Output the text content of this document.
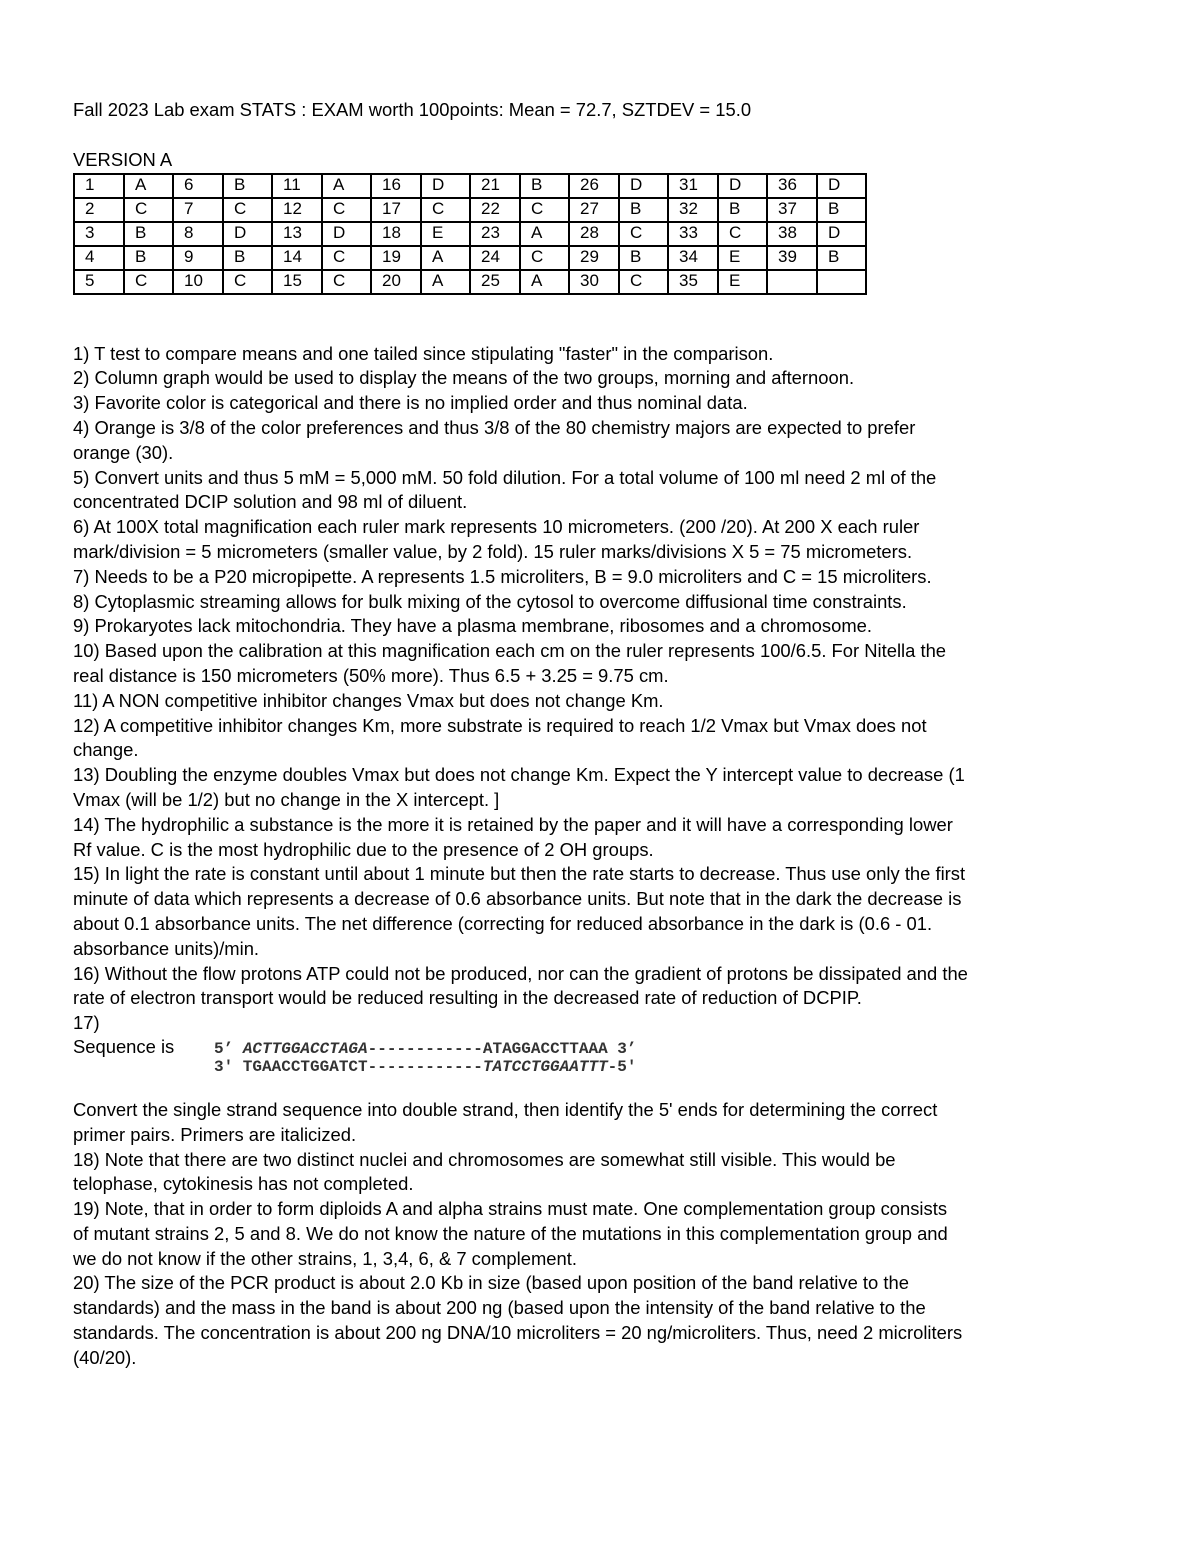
Fall 2023 Lab exam STATS : EXAM worth 100points: Mean = 72.7, SZTDEV = 15.0
VERSION A
1	A	6	B	11	A	16	D	21	B	26	D	31	D	36	D
2	C	7	C	12	C	17	C	22	C	27	B	32	B	37	B
3	B	8	D	13	D	18	E	23	A	28	C	33	C	38	D
4	B	9	B	14	C	19	A	24	C	29	B	34	E	39	B
5	C	10	C	15	C	20	A	25	A	30	C	35	E		
1) T test to compare means and one tailed since stipulating "faster" in the comparison.
2) Column graph would be used to display the means of the two groups, morning and afternoon.
3) Favorite color is categorical and there is no implied order and thus nominal data.
4) Orange is 3/8 of the color preferences and thus 3/8 of the 80 chemistry majors are expected to prefer
orange (30).
5) Convert units and thus 5 mM = 5,000 mM. 50 fold dilution. For a total volume of 100 ml need 2 ml of the
concentrated DCIP solution and 98 ml of diluent.
6) At 100X total magnification each ruler mark represents 10 micrometers. (200 /20). At 200 X each ruler
mark/division = 5 micrometers (smaller value, by 2 fold). 15 ruler marks/divisions X 5 = 75 micrometers.
7) Needs to be a P20 micropipette. A represents 1.5 microliters, B = 9.0 microliters and C = 15 microliters.
8) Cytoplasmic streaming allows for bulk mixing of the cytosol to overcome diffusional time constraints.
9) Prokaryotes lack mitochondria. They have a plasma membrane, ribosomes and a chromosome.
10) Based upon the calibration at this magnification each cm on the ruler represents 100/6.5. For Nitella the
real distance is 150 micrometers (50% more). Thus 6.5 + 3.25 = 9.75 cm.
11) A NON competitive inhibitor changes Vmax but does not change Km.
12) A competitive inhibitor changes Km, more substrate is required to reach 1/2 Vmax but Vmax does not
change.
13) Doubling the enzyme doubles Vmax but does not change Km. Expect the Y intercept value to decrease (1
Vmax (will be 1/2) but no change in the X intercept. ]
14) The hydrophilic a substance is the more it is retained by the paper and it will have a corresponding lower
Rf value. C is the most hydrophilic due to the presence of 2 OH groups.
15) In light the rate is constant until about 1 minute but then the rate starts to decrease. Thus use only the first
minute of data which represents a decrease of 0.6 absorbance units. But note that in the dark the decrease is
about 0.1 absorbance units. The net difference (correcting for reduced absorbance in the dark is (0.6 - 01.
absorbance units)/min.
16) Without the flow protons ATP could not be produced, nor can the gradient of protons be dissipated and the
rate of electron transport would be reduced resulting in the decreased rate of reduction of DCPIP.
17)
Sequence is	5’ ACTTGGACCTAGA------------ATAGGACCTTAAA 3’
3' TGAACCTGGATCT------------TATCCTGGAATTT-5'
Convert the single strand sequence into double strand, then identify the 5' ends for determining the correct
primer pairs. Primers are italicized.
18) Note that there are two distinct nuclei and chromosomes are somewhat still visible. This would be
telophase, cytokinesis has not completed.
19) Note, that in order to form diploids A and alpha strains must mate. One complementation group consists
of mutant strains 2, 5 and 8. We do not know the nature of the mutations in this complementation group and
we do not know if the other strains, 1, 3,4, 6, & 7 complement.
20) The size of the PCR product is about 2.0 Kb in size (based upon position of the band relative to the
standards) and the mass in the band is about 200 ng (based upon the intensity of the band relative to the
standards. The concentration is about 200 ng DNA/10 microliters = 20 ng/microliters. Thus, need 2 microliters
(40/20).
